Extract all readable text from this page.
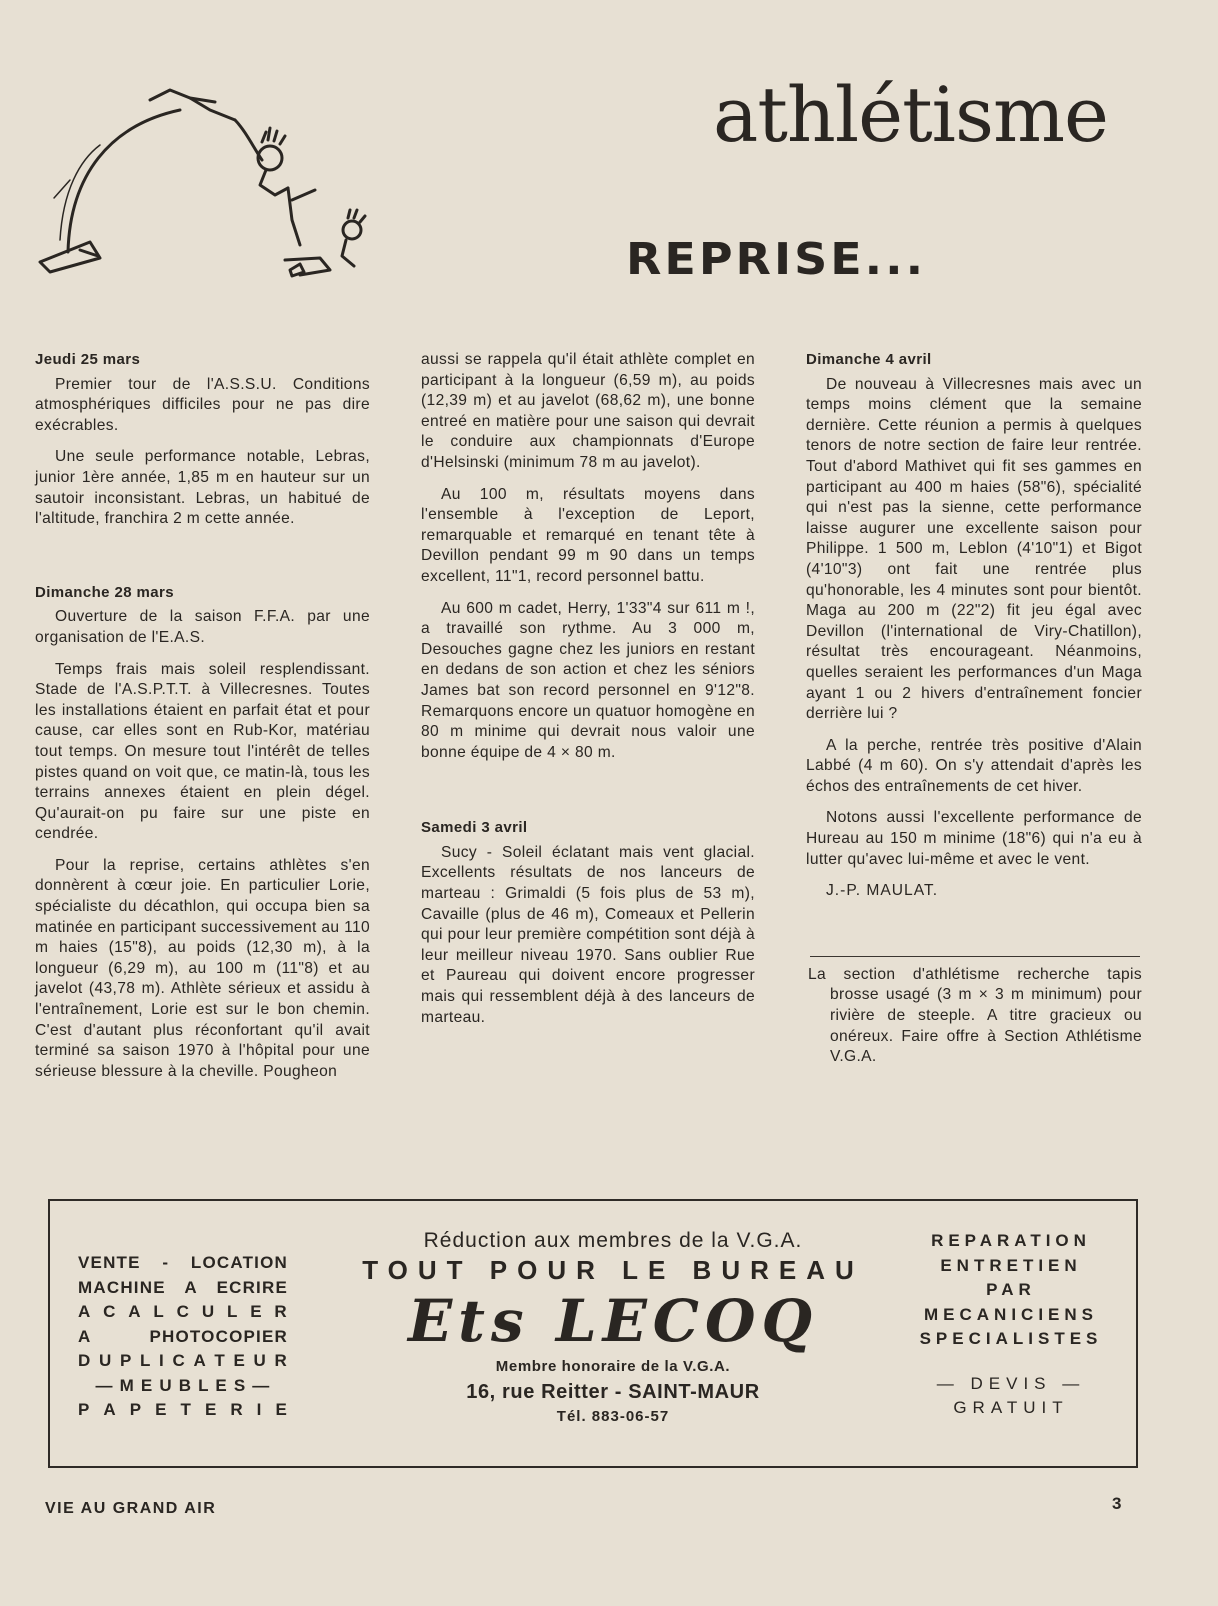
athlétisme
REPRISE...
Jeudi 25 mars

Premier tour de l'A.S.S.U. Conditions atmosphériques difficiles pour ne pas dire exécrables.

Une seule performance notable, Lebras, junior 1ère année, 1,85 m en hauteur sur un sautoir inconsistant. Lebras, un habitué de l'altitude, franchira 2 m cette année.

Dimanche 28 mars

Ouverture de la saison F.F.A. par une organisation de l'E.A.S.

Temps frais mais soleil resplendissant. Stade de l'A.S.P.T.T. à Villecresnes. Toutes les installations étaient en parfait état et pour cause, car elles sont en Rub-Kor, matériau tout temps. On mesure tout l'intérêt de telles pistes quand on voit que, ce matin-là, tous les terrains annexes étaient en plein dégel. Qu'aurait-on pu faire sur une piste en cendrée.

Pour la reprise, certains athlètes s'en donnèrent à cœur joie. En particulier Lorie, spécialiste du décathlon, qui occupa bien sa matinée en participant successivement au 110 m haies (15"8), au poids (12,30 m), à la longueur (6,29 m), au 100 m (11"8) et au javelot (43,78 m). Athlète sérieux et assidu à l'entraînement, Lorie est sur le bon chemin. C'est d'autant plus réconfortant qu'il avait terminé sa saison 1970 à l'hôpital pour une sérieuse blessure à la cheville. Pougheon

aussi se rappela qu'il était athlète complet en participant à la longueur (6,59 m), au poids (12,39 m) et au javelot (68,62 m), une bonne entreé en matière pour une saison qui devrait le conduire aux championnats d'Europe d'Helsinski (minimum 78 m au javelot).

Au 100 m, résultats moyens dans l'ensemble à l'exception de Leport, remarquable et remarqué en tenant tête à Devillon pendant 99 m 90 dans un temps excellent, 11"1, record personnel battu.

Au 600 m cadet, Herry, 1'33"4 sur 611 m !, a travaillé son rythme. Au 3 000 m, Desouches gagne chez les juniors en restant en dedans de son action et chez les séniors James bat son record personnel en 9'12"8. Remarquons encore un quatuor homogène en 80 m minime qui devrait nous valoir une bonne équipe de 4 × 80 m.

Samedi 3 avril

Sucy - Soleil éclatant mais vent glacial. Excellents résultats de nos lanceurs de marteau : Grimaldi (5 fois plus de 53 m), Cavaille (plus de 46 m), Comeaux et Pellerin qui pour leur première compétition sont déjà à leur meilleur niveau 1970. Sans oublier Rue et Paureau qui doivent encore progresser mais qui ressemblent déjà à des lanceurs de marteau.

Dimanche 4 avril

De nouveau à Villecresnes mais avec un temps moins clément que la semaine dernière. Cette réunion a permis à quelques tenors de notre section de faire leur rentrée. Tout d'abord Mathivet qui fit ses gammes en participant au 400 m haies (58"6), spécialité qui n'est pas la sienne, cette performance laisse augurer une excellente saison pour Philippe. 1 500 m, Leblon (4'10"1) et Bigot (4'10"3) ont fait une rentrée plus qu'honorable, les 4 minutes sont pour bientôt. Maga au 200 m (22"2) fit jeu égal avec Devillon (l'international de Viry-Chatillon), résultat très encourageant. Néanmoins, quelles seraient les performances d'un Maga ayant 1 ou 2 hivers d'entraînement foncier derrière lui ?

A la perche, rentrée très positive d'Alain Labbé (4 m 60). On s'y attendait d'après les échos des entraînements de cet hiver.

Notons aussi l'excellente performance de Hureau au 150 m minime (18"6) qui n'a eu à lutter qu'avec lui-même et avec le vent.

J.-P. MAULAT.

La section d'athlétisme recherche tapis brosse usagé (3 m × 3 m minimum) pour rivière de steeple. A titre gracieux ou onéreux. Faire offre à Section Athlétisme V.G.A.

VENTE - LOCATION
MACHINE A ECRIRE
A C A L C U L E R
A	PHOTOCOPIER
D U P L I C A T E U R
— M E U B L E S —
P A P E T E R I E
Réduction aux membres de la V.G.A.
TOUT POUR LE BUREAU
Ets LECOQ
Membre honoraire de la V.G.A.
16, rue Reitter - SAINT-MAUR
Tél. 883-06-57
REPARATION
ENTRETIEN
PAR
MECANICIENS
SPECIALISTES
— DEVIS —
GRATUIT
VIE AU GRAND AIR	3
